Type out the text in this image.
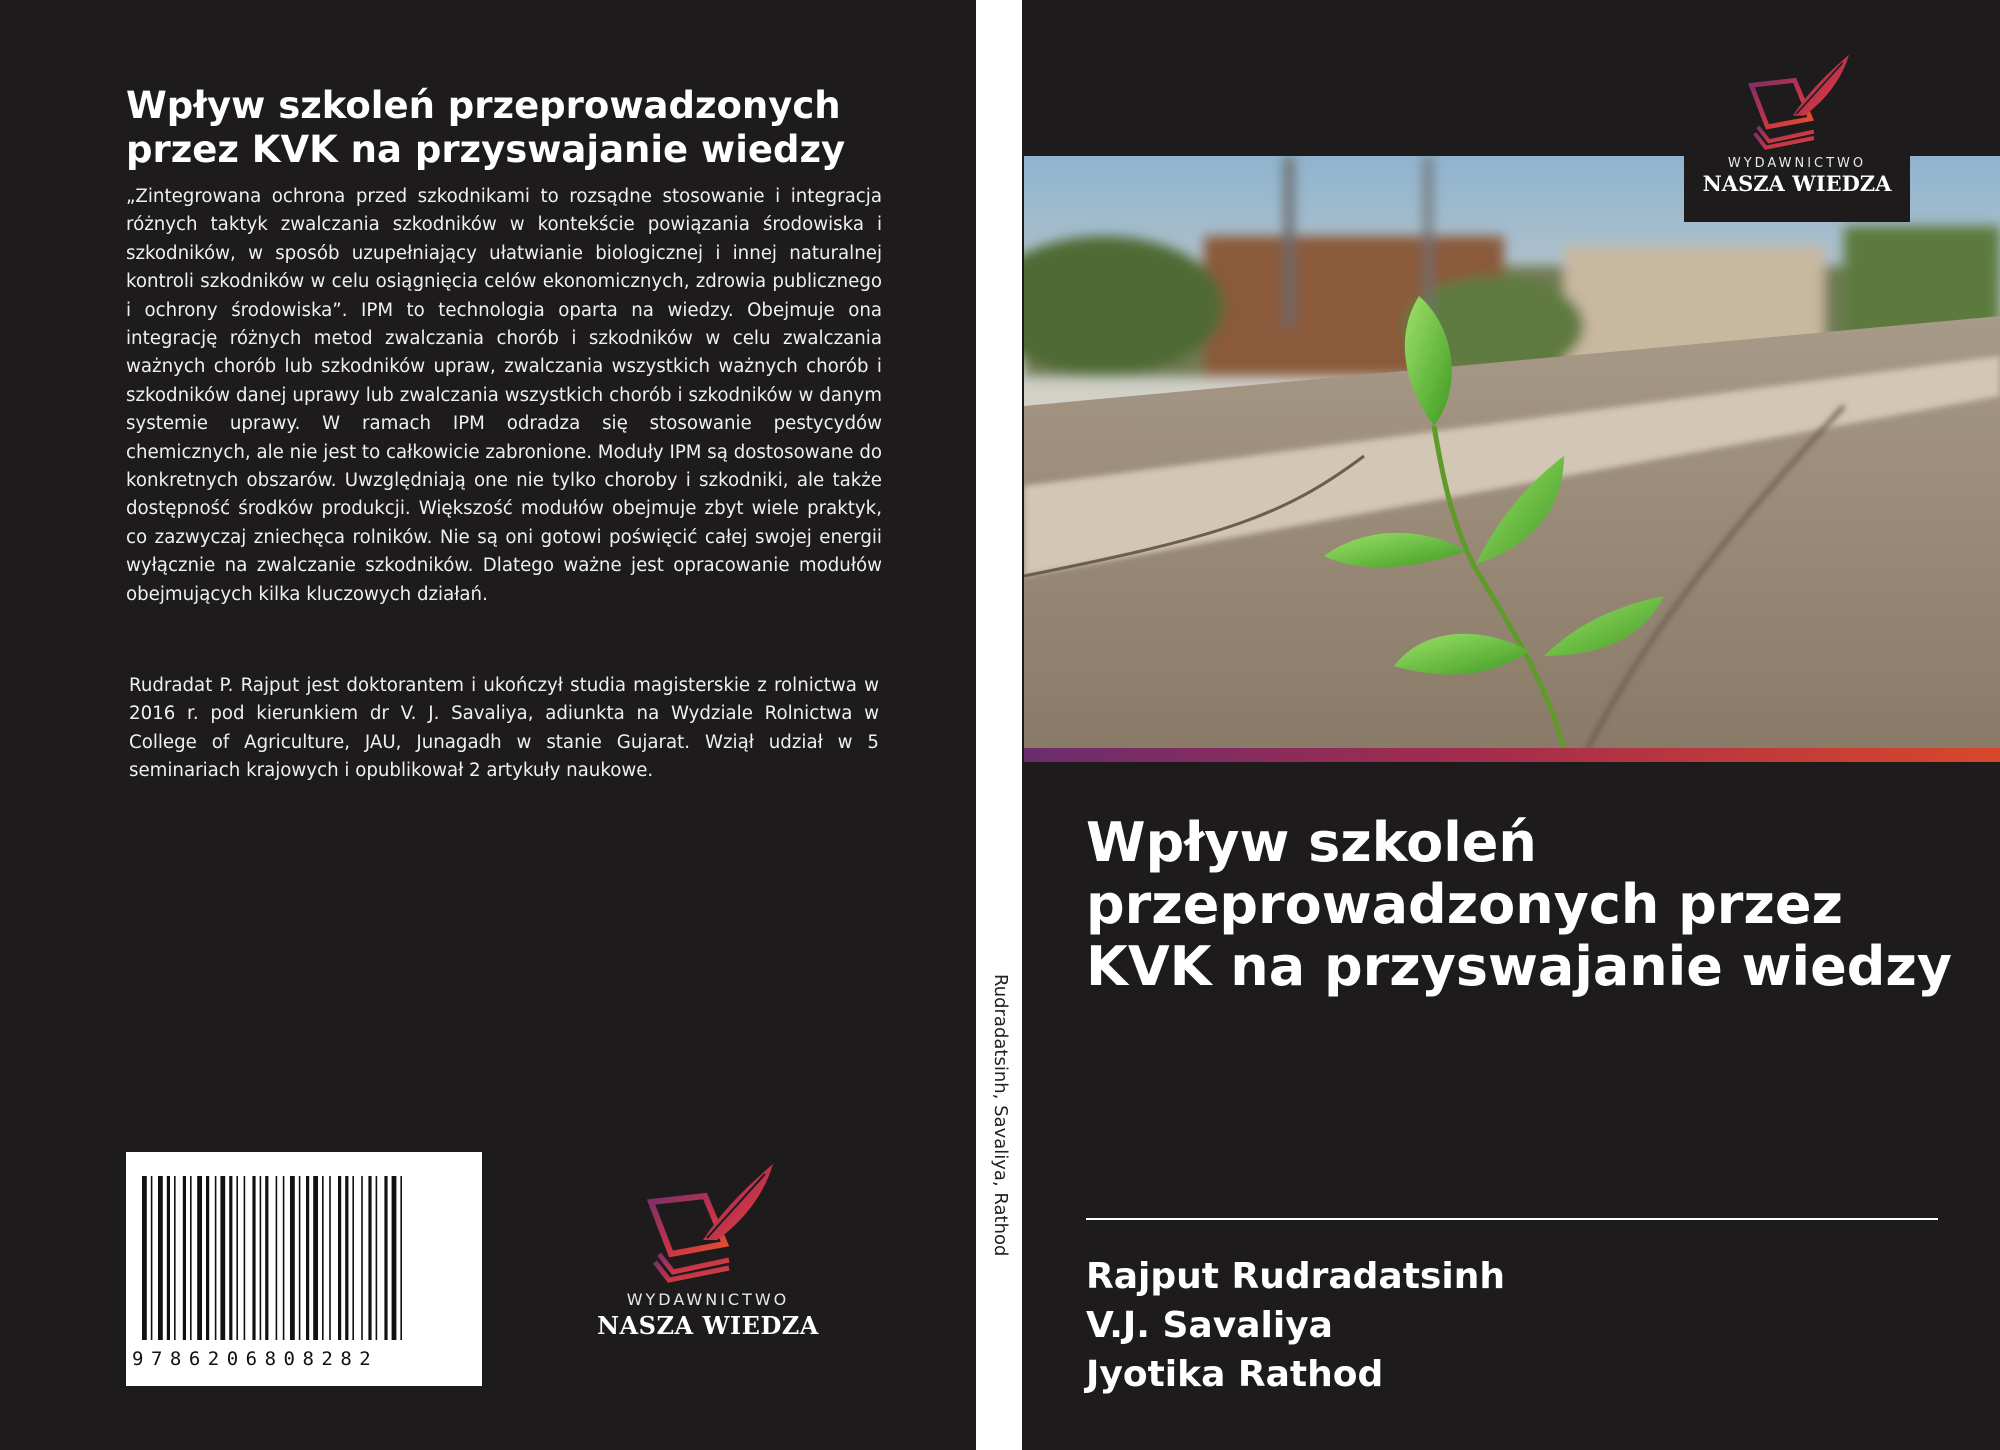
Wpływ szkoleń przeprowadzonych przez KVK na przyswajanie wiedzy

„Zintegrowana ochrona przed szkodnikami to rozsądne stosowanie i integracja różnych taktyk zwalczania szkodników w kontekście powiązania środowiska i szkodników, w sposób uzupełniający ułatwianie biologicznej i innej naturalnej kontroli szkodników w celu osiągnięcia celów ekonomicznych, zdrowia publicznego i ochrony środowiska”. IPM to technologia oparta na wiedzy. Obejmuje ona integrację różnych metod zwalczania chorób i szkodników w celu zwalczania ważnych chorób lub szkodników upraw, zwalczania wszystkich ważnych chorób i szkodników danej uprawy lub zwalczania wszystkich chorób i szkodników w danym systemie uprawy. W ramach IPM odradza się stosowanie pestycydów chemicznych, ale nie jest to całkowicie zabronione. Moduły IPM są dostosowane do konkretnych obszarów. Uwzględniają one nie tylko choroby i szkodniki, ale także dostępność środków produkcji. Większość modułów obejmuje zbyt wiele praktyk, co zazwyczaj zniechęca rolników. Nie są oni gotowi poświęcić całej swojej energii wyłącznie na zwalczanie szkodników. Dlatego ważne jest opracowanie modułów obejmujących kilka kluczowych działań.

Rudradat P. Rajput jest doktorantem i ukończył studia magisterskie z rolnictwa w 2016 r. pod kierunkiem dr V. J. Savaliya, adiunkta na Wydziale Rolnictwa w College of Agriculture, JAU, Junagadh w stanie Gujarat. Wziął udział w 5 seminariach krajowych i opublikował 2 artykuły naukowe.

9786206808282
WYDAWNICTWO
NASZA WIEDZA
Rudradatsinh, Savaliya, Rathod
WYDAWNICTWO
NASZA WIEDZA
Wpływ szkoleń przeprowadzonych przez KVK na przyswajanie wiedzy
Rajput Rudradatsinh
V.J. Savaliya
Jyotika Rathod
